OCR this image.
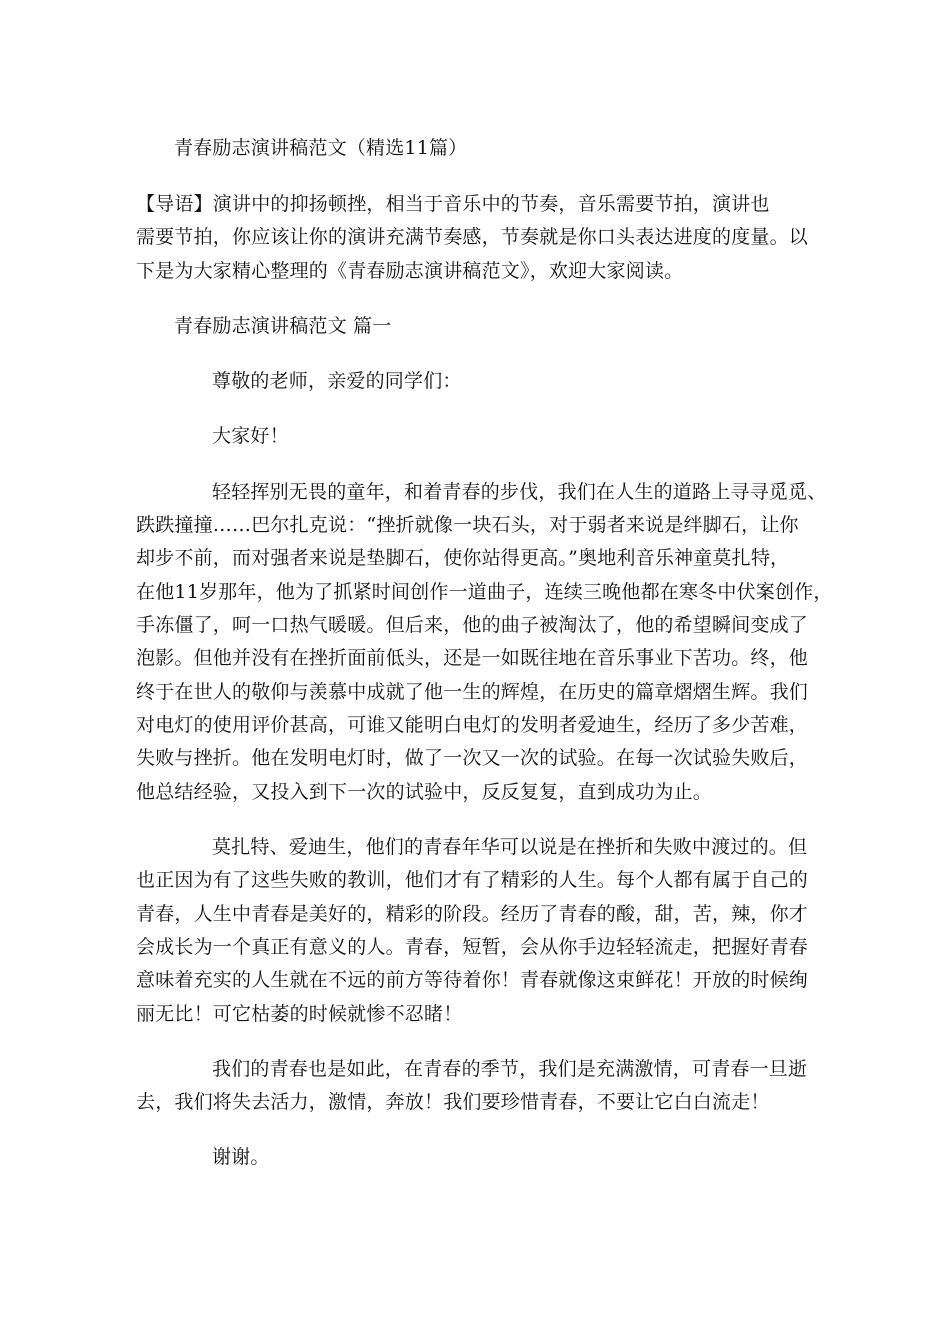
青春励志演讲稿范文（精选11篇）
【导语】演讲中的抑扬顿挫，相当于音乐中的节奏，音乐需要节拍，演讲也
需要节拍，你应该让你的演讲充满节奏感，节奏就是你口头表达进度的度量。以
下是为大家精心整理的《青春励志演讲稿范文》，欢迎大家阅读。
青春励志演讲稿范文 篇一
尊敬的老师，亲爱的同学们：
大家好！
轻轻挥别无畏的童年，和着青春的步伐，我们在人生的道路上寻寻觅觅、
跌跌撞撞……巴尔扎克说：“挫折就像一块石头，对于弱者来说是绊脚石，让你
却步不前，而对强者来说是垫脚石，使你站得更高。”奥地利音乐神童莫扎特，
在他11岁那年，他为了抓紧时间创作一道曲子，连续三晚他都在寒冬中伏案创作，
手冻僵了，呵一口热气暖暖。但后来，他的曲子被淘汰了，他的希望瞬间变成了
泡影。但他并没有在挫折面前低头，还是一如既往地在音乐事业下苦功。终，他
终于在世人的敬仰与羡慕中成就了他一生的辉煌，在历史的篇章熠熠生辉。我们
对电灯的使用评价甚高，可谁又能明白电灯的发明者爱迪生，经历了多少苦难，
失败与挫折。他在发明电灯时，做了一次又一次的试验。在每一次试验失败后，
他总结经验，又投入到下一次的试验中，反反复复，直到成功为止。
莫扎特、爱迪生，他们的青春年华可以说是在挫折和失败中渡过的。但
也正因为有了这些失败的教训，他们才有了精彩的人生。每个人都有属于自己的
青春，人生中青春是美好的，精彩的阶段。经历了青春的酸，甜，苦，辣，你才
会成长为一个真正有意义的人。青春，短暂，会从你手边轻轻流走，把握好青春
意味着充实的人生就在不远的前方等待着你！青春就像这束鲜花！开放的时候绚
丽无比！可它枯萎的时候就惨不忍睹！
我们的青春也是如此，在青春的季节，我们是充满激情，可青春一旦逝
去，我们将失去活力，激情，奔放！我们要珍惜青春，不要让它白白流走！
谢谢。
